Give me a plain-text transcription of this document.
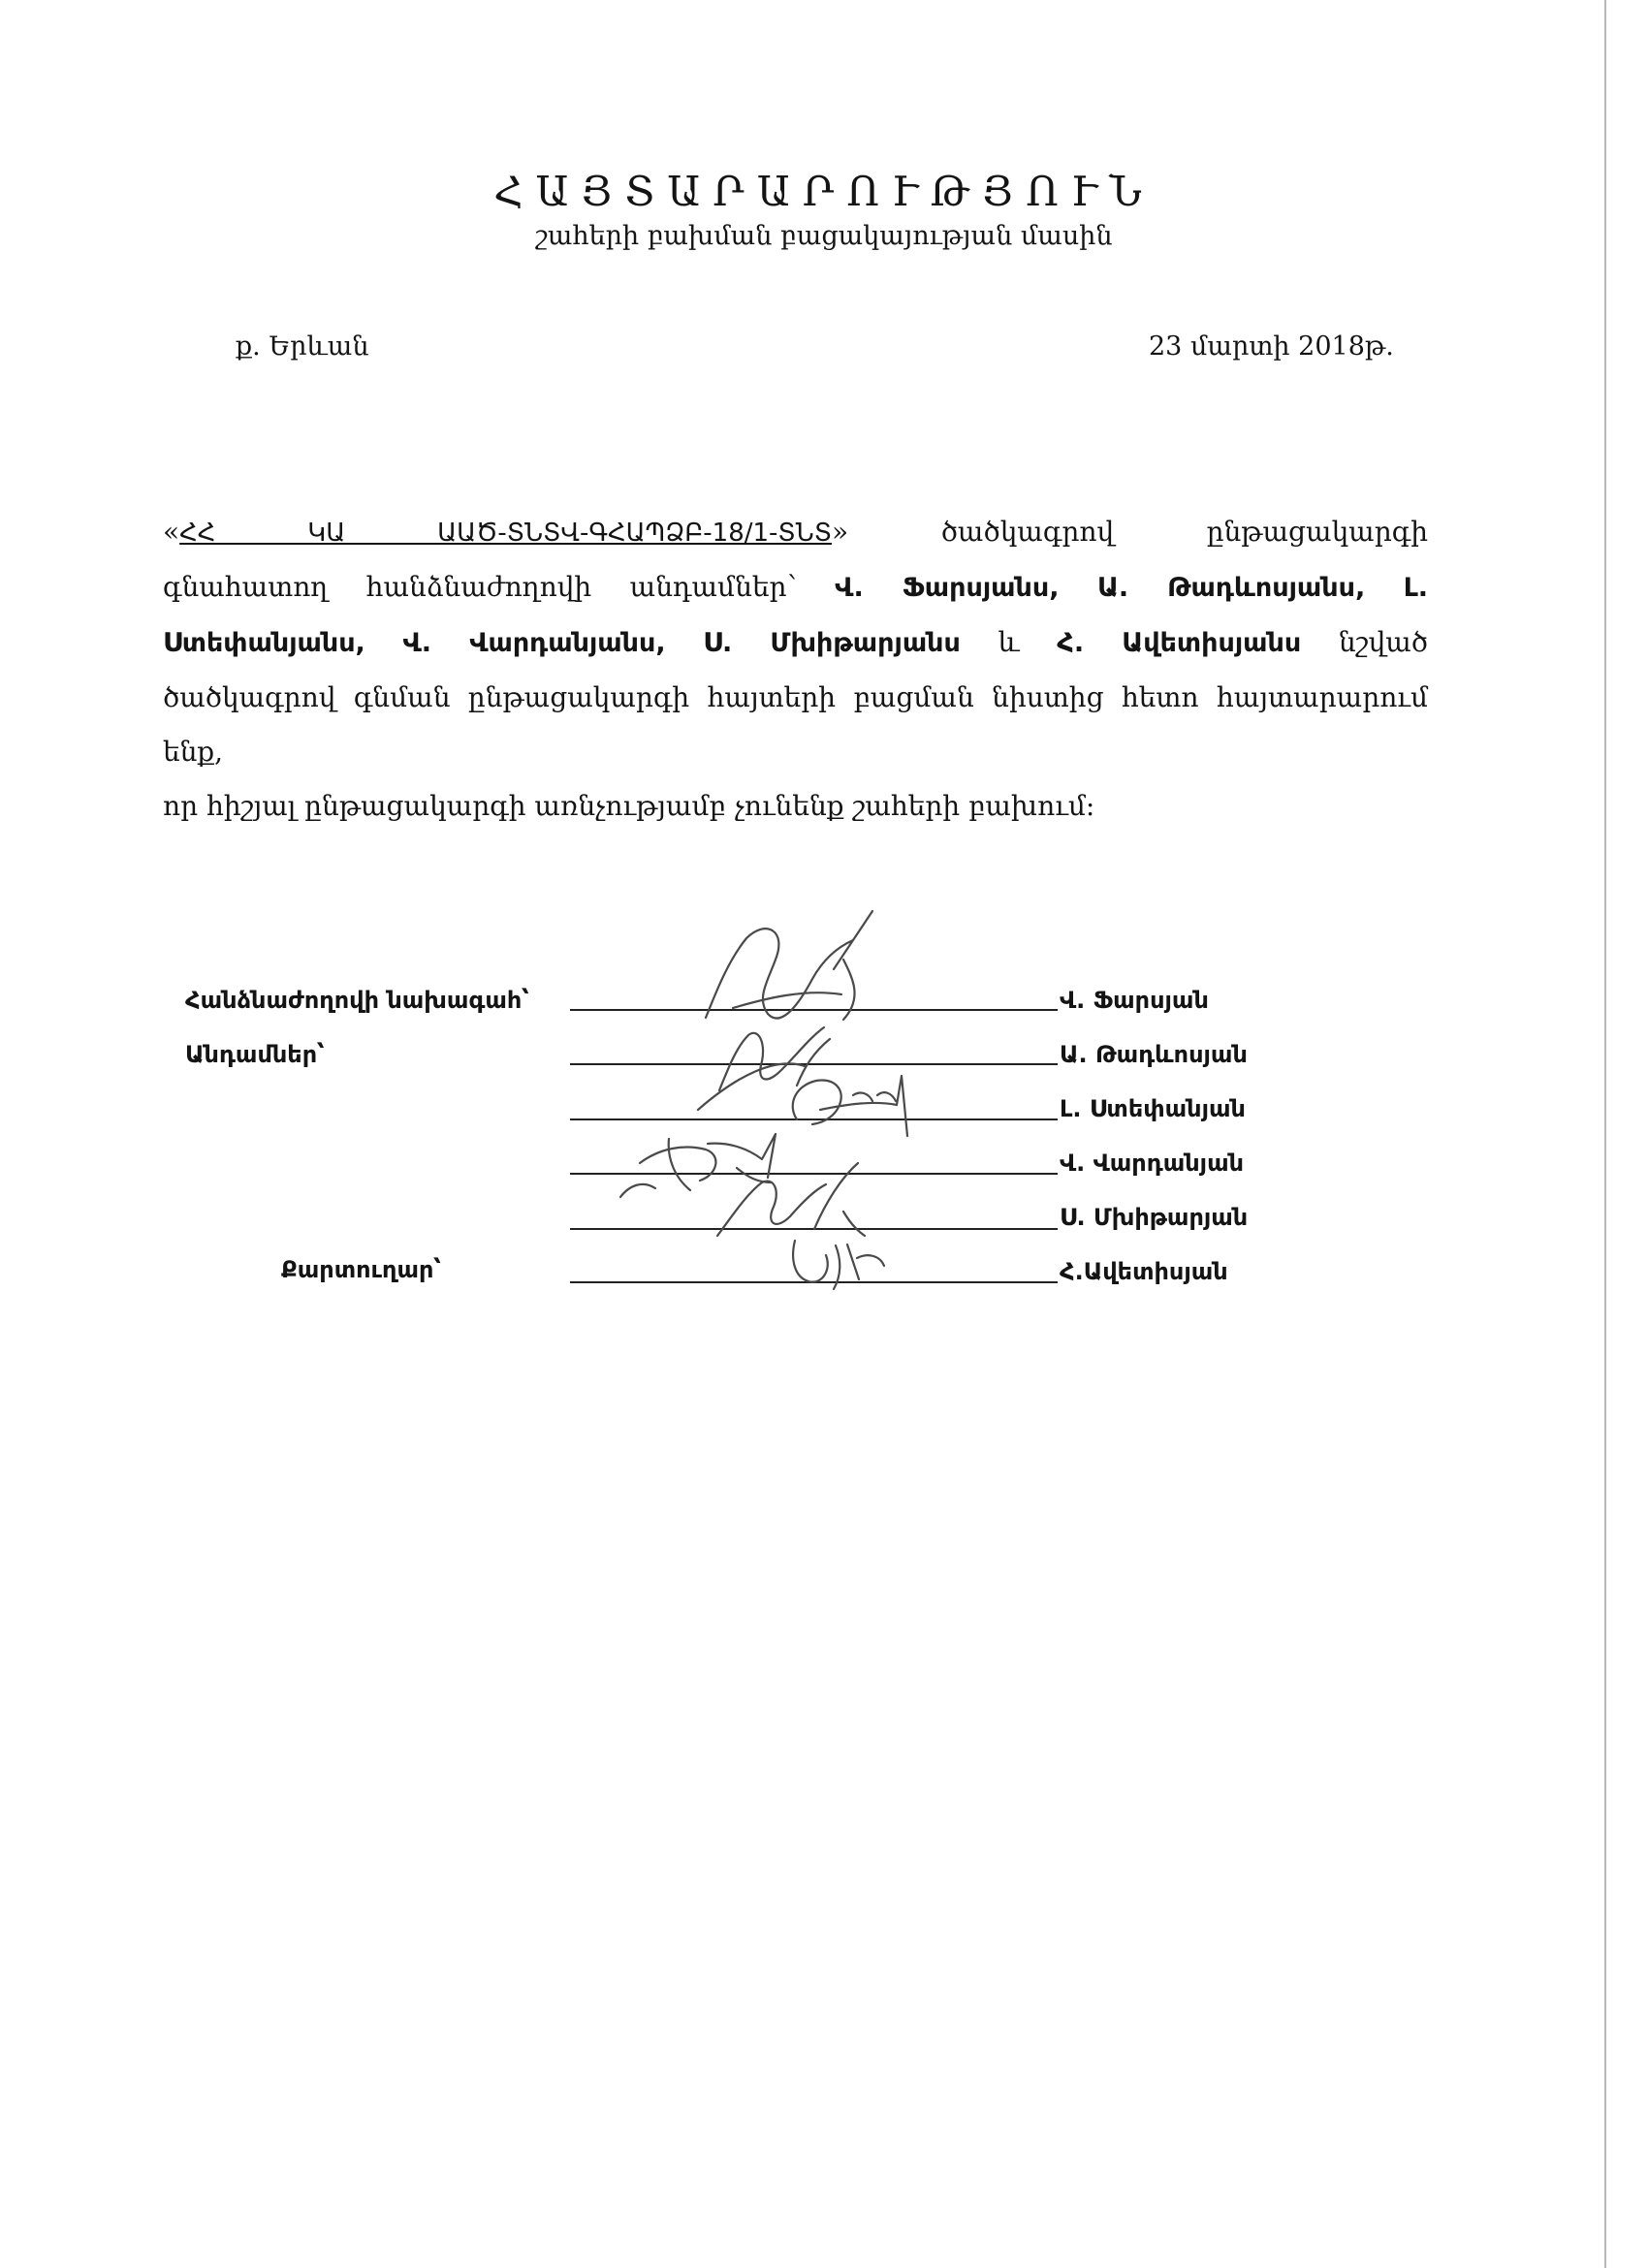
ՀԱՅՏԱՐԱՐՈՒԹՅՈՒՆ
շահերի բախման բացակայության մասին
ք. Երևան	23 մարտի 2018թ.
«ՀՀ ԿԱ ԱԱԾ-ՏՆՏՎ-ԳՀԱՊՁԲ-18/1-ՏՆՏ»	ծածկագրով ընթացակարգի
գնահատող հանձնաժողովի անդամներ՝ Վ. Ֆարսյանս, Ա. Թադևոսյանս, Լ.
Ստեփանյանս, Վ. Վարդանյանս, Ս. Մխիթարյանս և Հ. Ավետիսյանս նշված
ծածկագրով գնման ընթացակարգի հայտերի բացման նիստից հետո հայտարարում ենք,
որ հիշյալ ընթացակարգի առնչությամբ չունենք շահերի բախում:
Հանձնաժողովի նախագահ՝
Անդամներ՝
Քարտուղար՝
Վ. Ֆարսյան
Ա. Թադևոսյան
Լ. Ստեփանյան
Վ. Վարդանյան
Ս. Մխիթարյան
Հ.Ավետիսյան
